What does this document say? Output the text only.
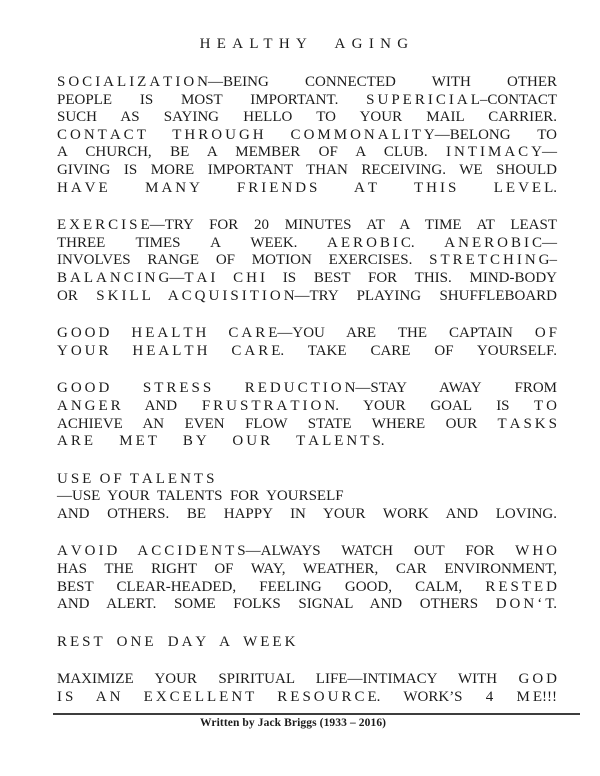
HEALTHY AGING
S O C I A L I Z A T I O N—BEING CONNECTED WITH OTHER
PEOPLE IS MOST IMPORTANT. S U P E R I C I A L–CONTACT
SUCH AS SAYING HELLO TO YOUR MAIL CARRIER.
C O N T A C T T H R O U G H C O M M O N A L I T Y—BELONG TO
A CHURCH, BE A MEMBER OF A CLUB. I N T I M A C Y—
GIVING IS MORE IMPORTANT THAN RECEIVING. WE SHOULD
H A V E M A N Y F R I E N D S A T T H I S L E V E L.
E X E R C I S E—TRY FOR 20 MINUTES AT A TIME AT LEAST
THREE TIMES A WEEK. A E R O B I C. A N E R O B I C—
INVOLVES RANGE OF MOTION EXERCISES. S T R E T C H I N G–
B A L A N C I N G—T A I C H I IS BEST FOR THIS. MIND-BODY
OR S K I L L A C Q U I S I T I O N—TRY PLAYING SHUFFLEBOARD
G O O D H E A L T H C A R E—YOU ARE THE CAPTAIN O F
Y O U R H E A L T H C A R E. TAKE CARE OF YOURSELF.
G O O D S T R E S S R E D U C T I O N—STAY AWAY FROM
A N G E R AND F R U S T R A T I O N. YOUR GOAL IS T O
ACHIEVE AN EVEN FLOW STATE WHERE OUR T A S K S
A R E M E T B Y O U R T A L E N T S.
U S E O F T A L E N T S
—USE YOUR TALENTS FOR YOURSELF
AND OTHERS. BE HAPPY IN YOUR WORK AND LOVING.
A V O I D A C C I D E N T S—ALWAYS WATCH OUT FOR W H O
HAS THE RIGHT OF WAY, WEATHER, CAR ENVIRONMENT,
BEST CLEAR-HEADED, FEELING GOOD, CALM, R E S T E D
AND ALERT. SOME FOLKS SIGNAL AND OTHERS D O N ‘ T.
R E S T O N E D A Y A W E E K
MAXIMIZE YOUR SPIRITUAL LIFE—INTIMACY WITH G O D
I S A N E X C E L L E N T R E S O U R C E. WORK’S 4 M E!!!
Written by Jack Briggs (1933 – 2016)
